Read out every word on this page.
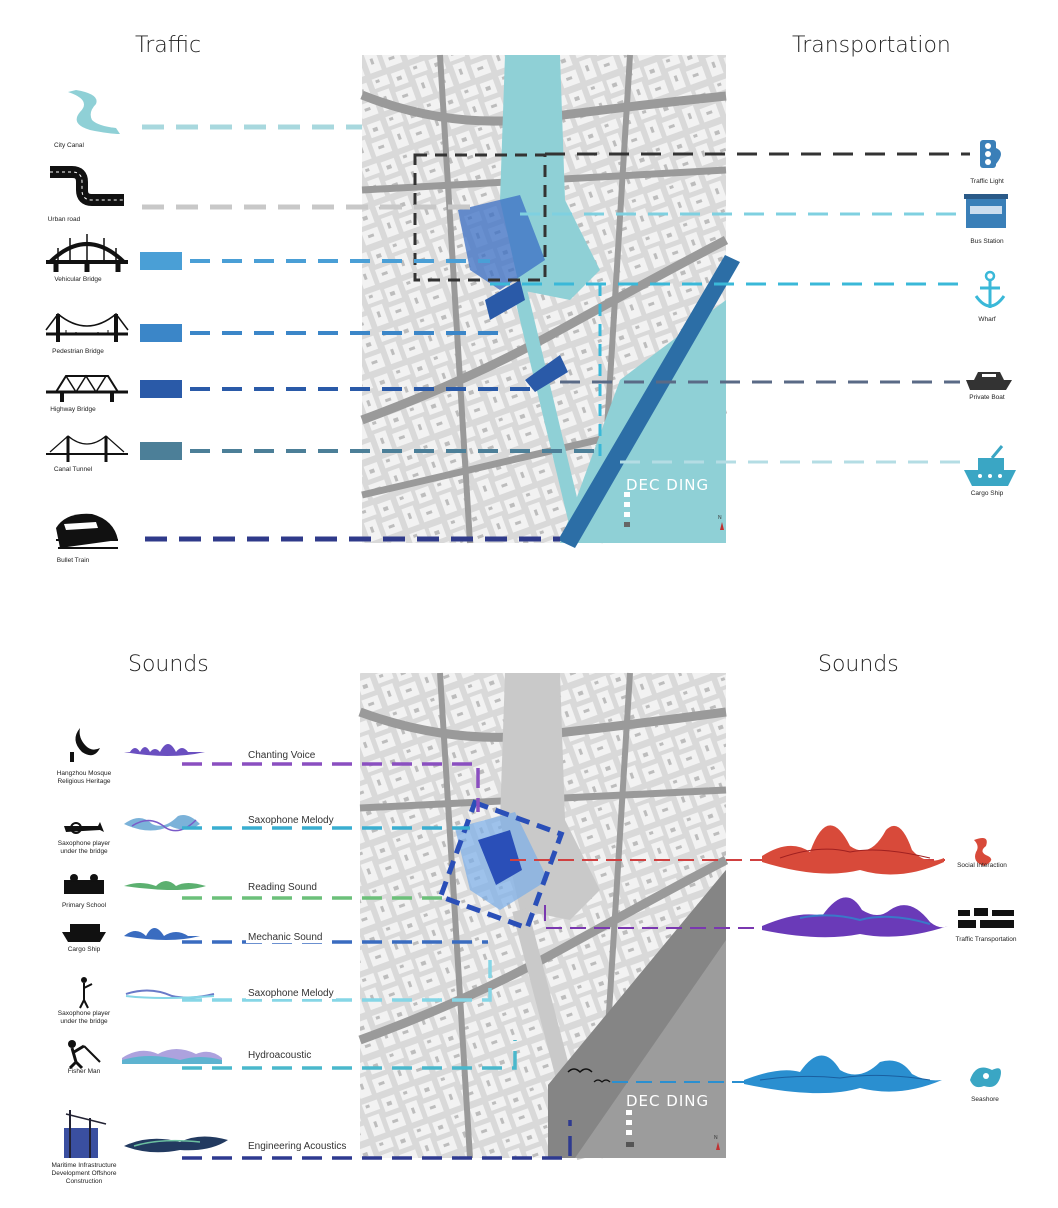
Traffic	Transportation
Sounds	Sounds
DEC DING
DEC DING
N
N
City Canal
Urban road
Vehicular Bridge
Pedestrian Bridge
Highway Bridge
Canal Tunnel
Bullet Train
Traffic Light
Bus Station
Wharf
Private Boat
Cargo Ship
Hangzhou Mosque Religious Heritage
Saxophone player under the bridge
Primary School
Cargo Ship
Saxophone player under the bridge
Fisher Man
Maritime Infrastructure Development Offshore Construction
Chanting Voice
Saxophone Melody
Reading Sound
Mechanic Sound
Saxophone Melody
Hydroacoustic
Engineering Acoustics
Social Interaction
Traffic Transportation
Seashore
